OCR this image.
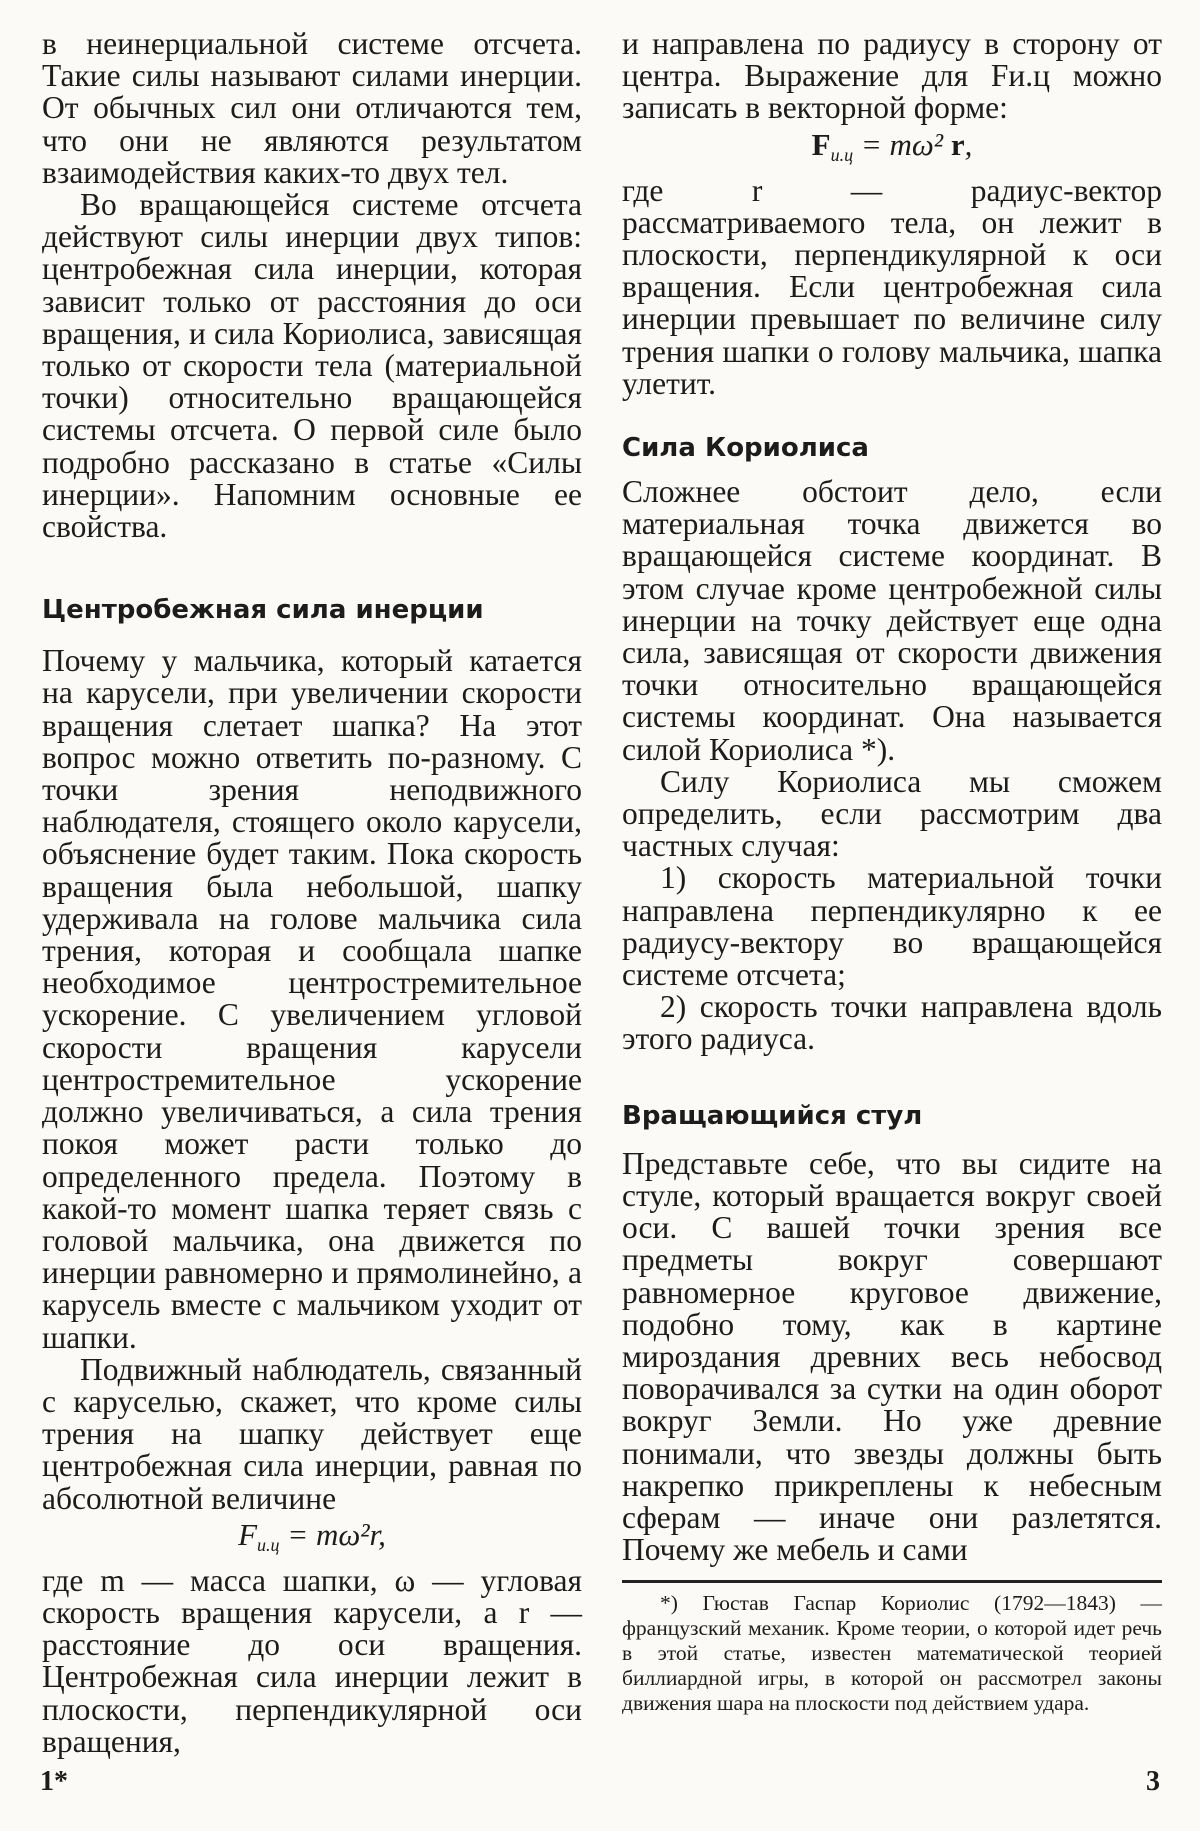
в неинерциальной системе отсчета. Такие силы называют силами инерции. От обычных сил они отличаются тем, что они не являются результатом взаимодействия каких-то двух тел.

Во вращающейся системе отсчета действуют силы инерции двух типов: центробежная сила инерции, которая зависит только от расстояния до оси вращения, и сила Кориолиса, зависящая только от скорости тела (материальной точки) относительно вращающейся системы отсчета. О первой силе было подробно рассказано в статье «Силы инерции». Напомним основные ее свойства.

Центробежная сила инерции

Почему у мальчика, который катается на карусели, при увеличении скорости вращения слетает шапка? На этот вопрос можно ответить по-разному. С точки зрения неподвижного наблюдателя, стоящего около карусели, объяснение будет таким. Пока скорость вращения была небольшой, шапку удерживала на голове мальчика сила трения, которая и сообщала шапке необходимое центростремительное ускорение. С увеличением угловой скорости вращения карусели центростремительное ускорение должно увеличиваться, а сила трения покоя может расти только до определенного предела. Поэтому в какой-то момент шапка теряет связь с головой мальчика, она движется по инерции равномерно и прямолинейно, а карусель вместе с мальчиком уходит от шапки.

Подвижный наблюдатель, связанный с каруселью, скажет, что кроме силы трения на шапку действует еще центробежная сила инерции, равная по абсолютной величине

$F_{и.ц} = m\omega^2r$,

где m — масса шапки, ω — угловая скорость вращения карусели, а r — расстояние до оси вращения. Центробежная сила инерции лежит в плоскости, перпендикулярной оси вращения,

и направлена по радиусу в сторону от центра. Выражение для Fи.ц можно записать в векторной форме:

$F_{и.ц} = m\omega^2$ r,

где r — радиус-вектор рассматриваемого тела, он лежит в плоскости, перпендикулярной к оси вращения. Если центробежная сила инерции превышает по величине силу трения шапки о голову мальчика, шапка улетит.

Сила Кориолиса

Сложнее обстоит дело, если материальная точка движется во вращающейся системе координат. В этом случае кроме центробежной силы инерции на точку действует еще одна сила, зависящая от скорости движения точки относительно вращающейся системы координат. Она называется силой Кориолиса *).

Силу Кориолиса мы сможем определить, если рассмотрим два частных случая:

1) скорость материальной точки направлена перпендикулярно к ее радиусу-вектору во вращающейся системе отсчета;

2) скорость точки направлена вдоль этого радиуса.

Вращающийся стул

Представьте себе, что вы сидите на стуле, который вращается вокруг своей оси. С вашей точки зрения все предметы вокруг совершают равномерное круговое движение, подобно тому, как в картине мироздания древних весь небосвод поворачивался за сутки на один оборот вокруг Земли. Но уже древние понимали, что звезды должны быть накрепко прикреплены к небесным сферам — иначе они разлетятся. Почему же мебель и сами

*) Гюстав Гаспар Кориолис (1792—1843) — французский механик. Кроме теории, о которой идет речь в этой статье, известен математической теорией биллиардной игры, в которой он рассмотрел законы движения шара на плоскости под действием удара.

1*	3
